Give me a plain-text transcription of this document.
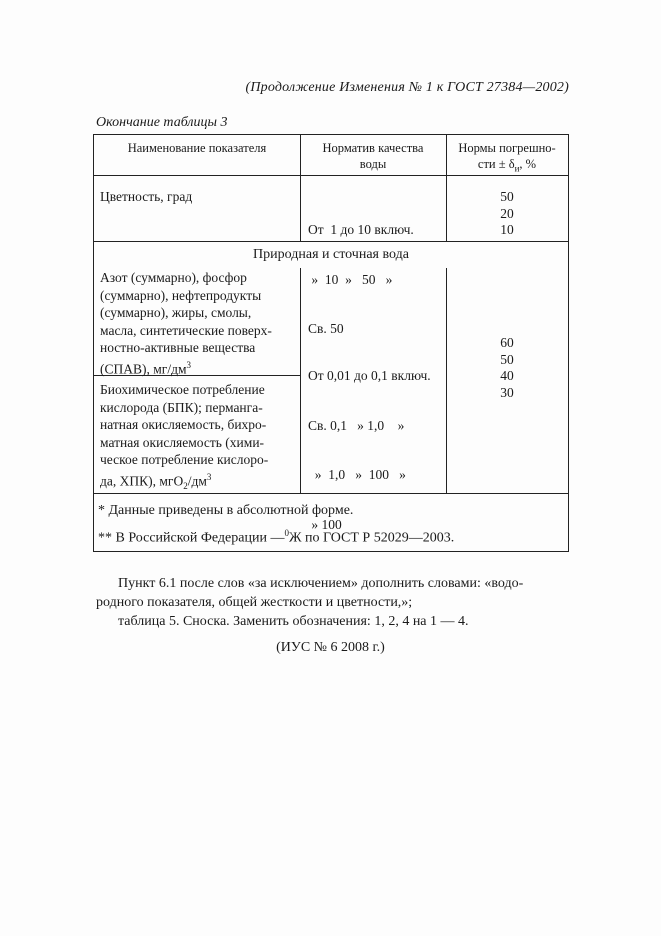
(Продолжение Изменения № 1 к ГОСТ 27384—2002)
Окончание таблицы 3
Наименование показателя	Норматив качества
воды
Нормы погрешно-
сти ± $\delta_и$, %
Цветность, град

От  1 до 10 включ.

»  10  »   50   »

Св. 50

50
20
10
Природная и сточная вода
Азот (суммарно), фосфор
(суммарно), нефтепродукты
(суммарно), жиры, смолы,
масла, синтетические поверх-
ностно-активные вещества
(СПАВ), $мг/дм^3$
Биохимическое потребление
кислорода (БПК); перманга-
натная окисляемость, бихро-
матная окисляемость (хими-
ческое потребление кислоро-
да, ХПК), $мгО_2/дм^3$

От 0,01 до 0,1 включ.

Св. 0,1   » 1,0    »

»  1,0   »  100   »

» 100

60
50
40
30
* Данные приведены в абсолютной форме.
** В Российской Федерации —$^0$Ж по ГОСТ Р 52029—2003.
Пункт 6.1 после слов «за исключением» дополнить словами: «водо-
родного показателя, общей жесткости и цветности,»;
таблица 5. Сноска. Заменить обозначения: 1, 2, 4 на 1 — 4.
(ИУС № 6 2008 г.)
